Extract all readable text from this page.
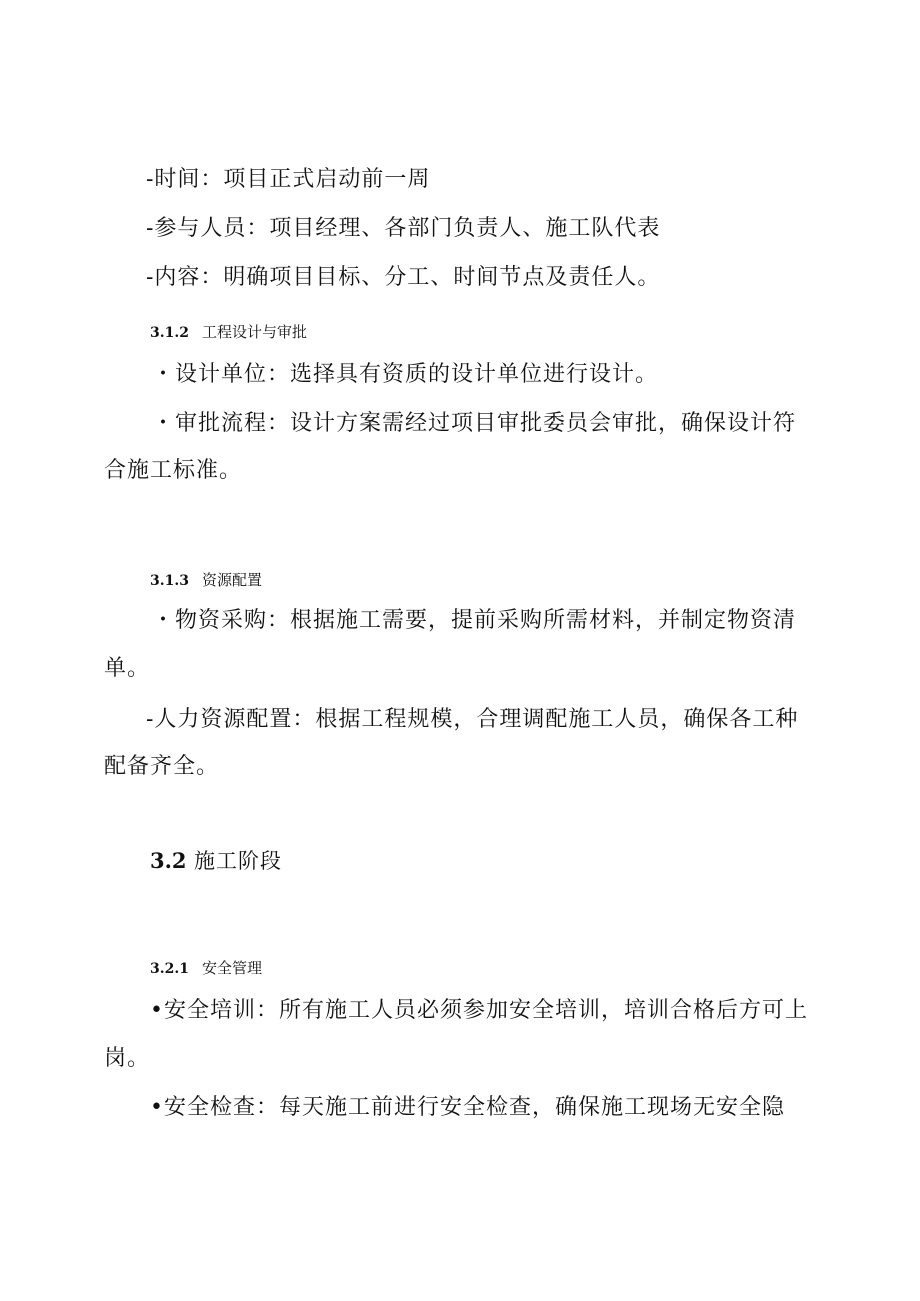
-时间：项目正式启动前一周

-参与人员：项目经理、各部门负责人、施工队代表

-内容：明确项目目标、分工、时间节点及责任人。

3.1.2 工程设计与审批

・设计单位：选择具有资质的设计单位进行设计。

・审批流程：设计方案需经过项目审批委员会审批，确保设计符

合施工标准。

3.1.3 资源配置

・物资采购：根据施工需要，提前采购所需材料，并制定物资清

单。

-人力资源配置：根据工程规模，合理调配施工人员，确保各工种

配备齐全。

3.2 施工阶段
3.2.1 安全管理

•安全培训：所有施工人员必须参加安全培训，培训合格后方可上

岗。

•安全检查：每天施工前进行安全检查，确保施工现场无安全隐
